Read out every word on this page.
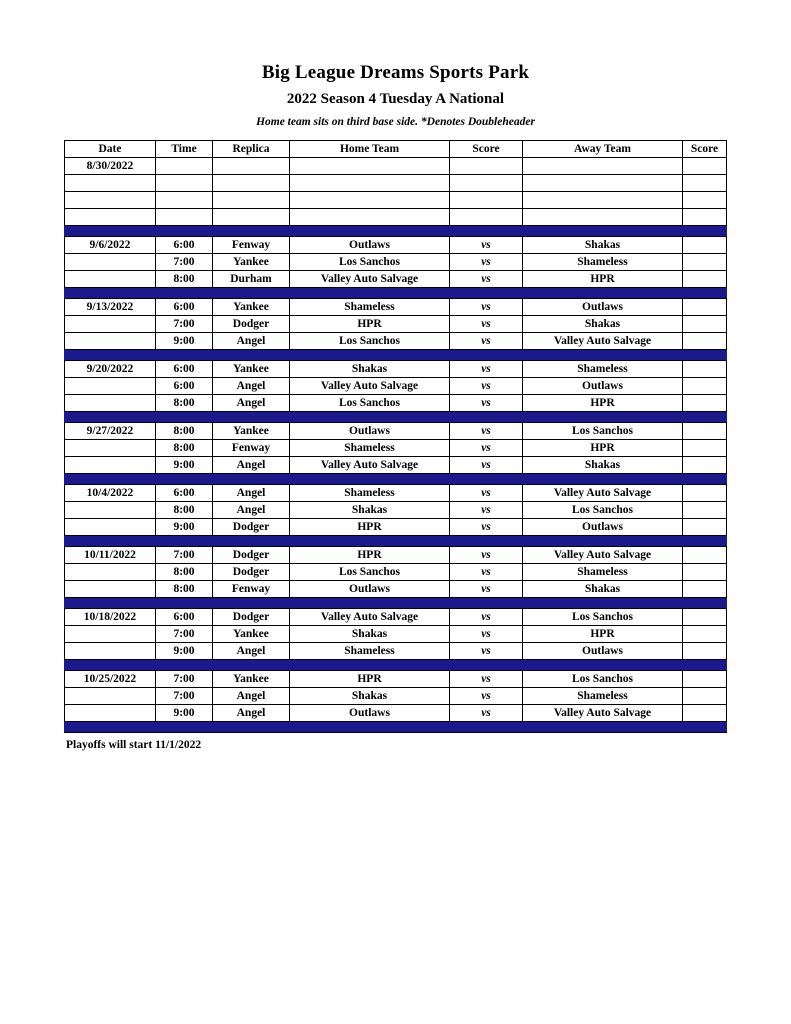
Big League Dreams Sports Park
2022 Season 4 Tuesday A National
Home team sits on third base side. *Denotes Doubleheader
Date	Time	Replica	Home Team	Score	Away Team	Score
8/30/2022						

9/6/2022	6:00	Fenway	Outlaws	vs	Shakas	
	7:00	Yankee	Los Sanchos	vs	Shameless	
	8:00	Durham	Valley Auto Salvage	vs	HPR	

9/13/2022	6:00	Yankee	Shameless	vs	Outlaws	
	7:00	Dodger	HPR	vs	Shakas	
	9:00	Angel	Los Sanchos	vs	Valley Auto Salvage	

9/20/2022	6:00	Yankee	Shakas	vs	Shameless	
	6:00	Angel	Valley Auto Salvage	vs	Outlaws	
	8:00	Angel	Los Sanchos	vs	HPR	

9/27/2022	8:00	Yankee	Outlaws	vs	Los Sanchos	
	8:00	Fenway	Shameless	vs	HPR	
	9:00	Angel	Valley Auto Salvage	vs	Shakas	

10/4/2022	6:00	Angel	Shameless	vs	Valley Auto Salvage	
	8:00	Angel	Shakas	vs	Los Sanchos	
	9:00	Dodger	HPR	vs	Outlaws	

10/11/2022	7:00	Dodger	HPR	vs	Valley Auto Salvage	
	8:00	Dodger	Los Sanchos	vs	Shameless	
	8:00	Fenway	Outlaws	vs	Shakas	

10/18/2022	6:00	Dodger	Valley Auto Salvage	vs	Los Sanchos	
	7:00	Yankee	Shakas	vs	HPR	
	9:00	Angel	Shameless	vs	Outlaws	

10/25/2022	7:00	Yankee	HPR	vs	Los Sanchos	
	7:00	Angel	Shakas	vs	Shameless	
	9:00	Angel	Outlaws	vs	Valley Auto Salvage	

Playoffs will start 11/1/2022
